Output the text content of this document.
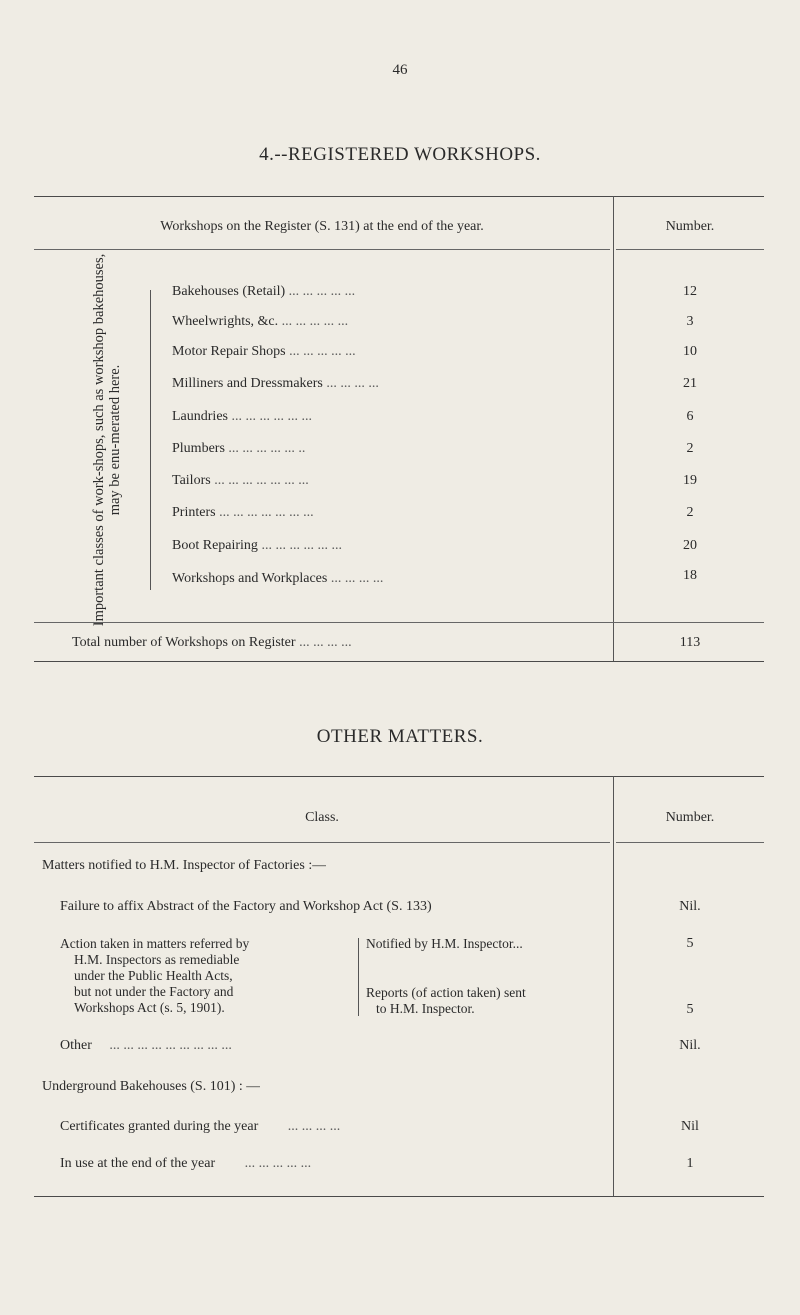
46
4.--REGISTERED WORKSHOPS.
Workshops on the Register (S. 131) at the end of the year.	Number.
Important classes of work-shops, such as workshop bakehouses, may be enu-merated here.
Bakehouses (Retail) ... ... ... ... ...	12
Wheelwrights, &c. ... ... ... ... ...	3
Motor Repair Shops ... ... ... ... ...	10
Milliners and Dressmakers ... ... ... ...	21
Laundries ... ... ... ... ... ...	6
Plumbers ... ... ... ... ... ..	2
Tailors ... ... ... ... ... ... ...	19
Printers ... ... ... ... ... ... ...	2
Boot Repairing ... ... ... ... ... ...	20
Workshops and Workplaces ... ... ... ...	18
Total number of Workshops on Register ... ... ... ...	113
OTHER MATTERS.
Class.	Number.
Matters notified to H.M. Inspector of Factories :—
Failure to affix Abstract of the Factory and Workshop Act (S. 133)	Nil.
Action taken in matters referred by
H.M. Inspectors as remediable
under the Public Health Acts,
but not under the Factory and
Workshops Act (s. 5, 1901).
Notified by H.M. Inspector...	5
Reports (of action taken) sent
to H.M. Inspector.	5
Other ... ... ... ... ... ... ... ... ...	Nil.
Underground Bakehouses (S. 101) : —
Certificates granted during the year ... ... ... ...	Nil
In use at the end of the year ... ... ... ... ...	1
